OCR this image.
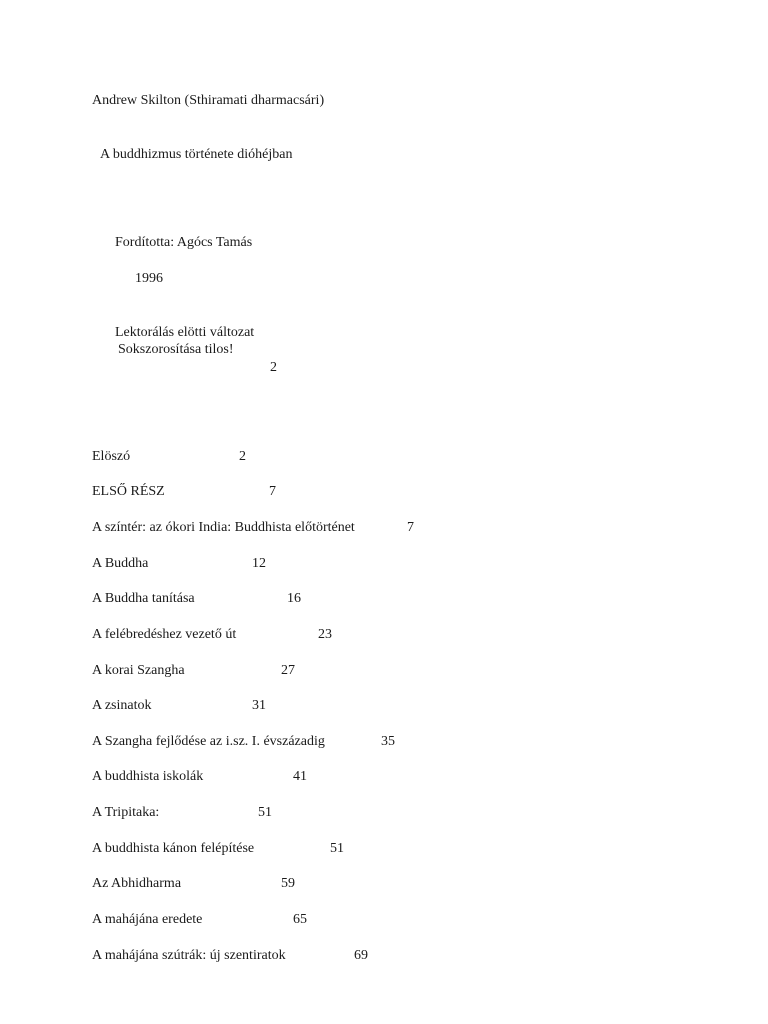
Andrew Skilton (Sthiramati dharmacsári)
A buddhizmus története dióhéjban
Fordította: Agócs Tamás
1996
Lektorálás elötti változat
Sokszorosítása tilos!
2
Elöszó	2
ELSŐ RÉSZ	7
A színtér: az ókori India: Buddhista előtörténet	7
A Buddha	12
A Buddha tanítása	16
A felébredéshez vezető út	23
A korai Szangha	27
A zsinatok	31
A Szangha fejlődése az i.sz. I. évszázadig	35
A buddhista iskolák	41
A Tripitaka:	51
A buddhista kánon felépítése	51
Az Abhidharma	59
A mahájána eredete	65
A mahájána szútrák: új szentiratok	69
